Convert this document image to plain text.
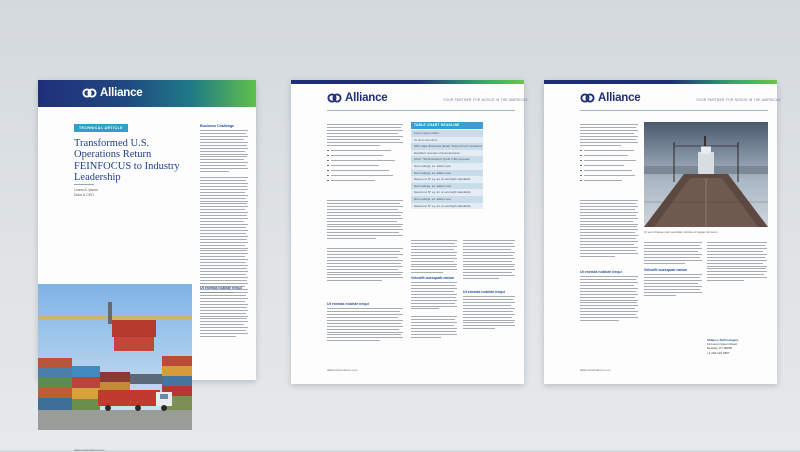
Alliance
TECHNICAL ARTICLE
Transformed U.S. Operations Return FEINFOCUS to Industry Leadership
Lorem A. Ipsum
Dolor & CEO
Business Challenge
Ut enenda nobiste nequi
alliancetransitions.com
Alliance	YOUR PARTNER FOR NOVUS IN THE AMERICAS
Ut enenda nobiste nequi
TABLE CHART HEADLINE
Lorem ipsum dolor
Ut enim ad minim
SDC data Jhomanta (Dual) "Solve Proof" accepted
Excellent revenue Unconventional
Short "Technicament" (both 1.8k) ceo-sea
Nam ratings, ex. adium nea
Nam ratings, ex. adium nea
Serene ut N° ey, an ut overnight standards
Nam ratings, ex. adium nea
Serene ut N° ey, an ut overnight standards
Nam ratings, ex. adium nea
Serene ut N° ey, an ut overnight standards
Velesifit auesquati natum
Ut enenda nobiste nequi
alliancetransitions.com
Alliance	YOUR PARTNER FOR NOVUS IN THE AMERICAS
Ut enenda nobiste nequi
Ut eum diquae nam auscidat nobiste et fugiam feriorem
Velesifit auesquati natum
Alliance Technologies
12 Lorem Ipsum Road
Newcity, CT 06050
+1 203 123 4567
alliancetransitions.com
